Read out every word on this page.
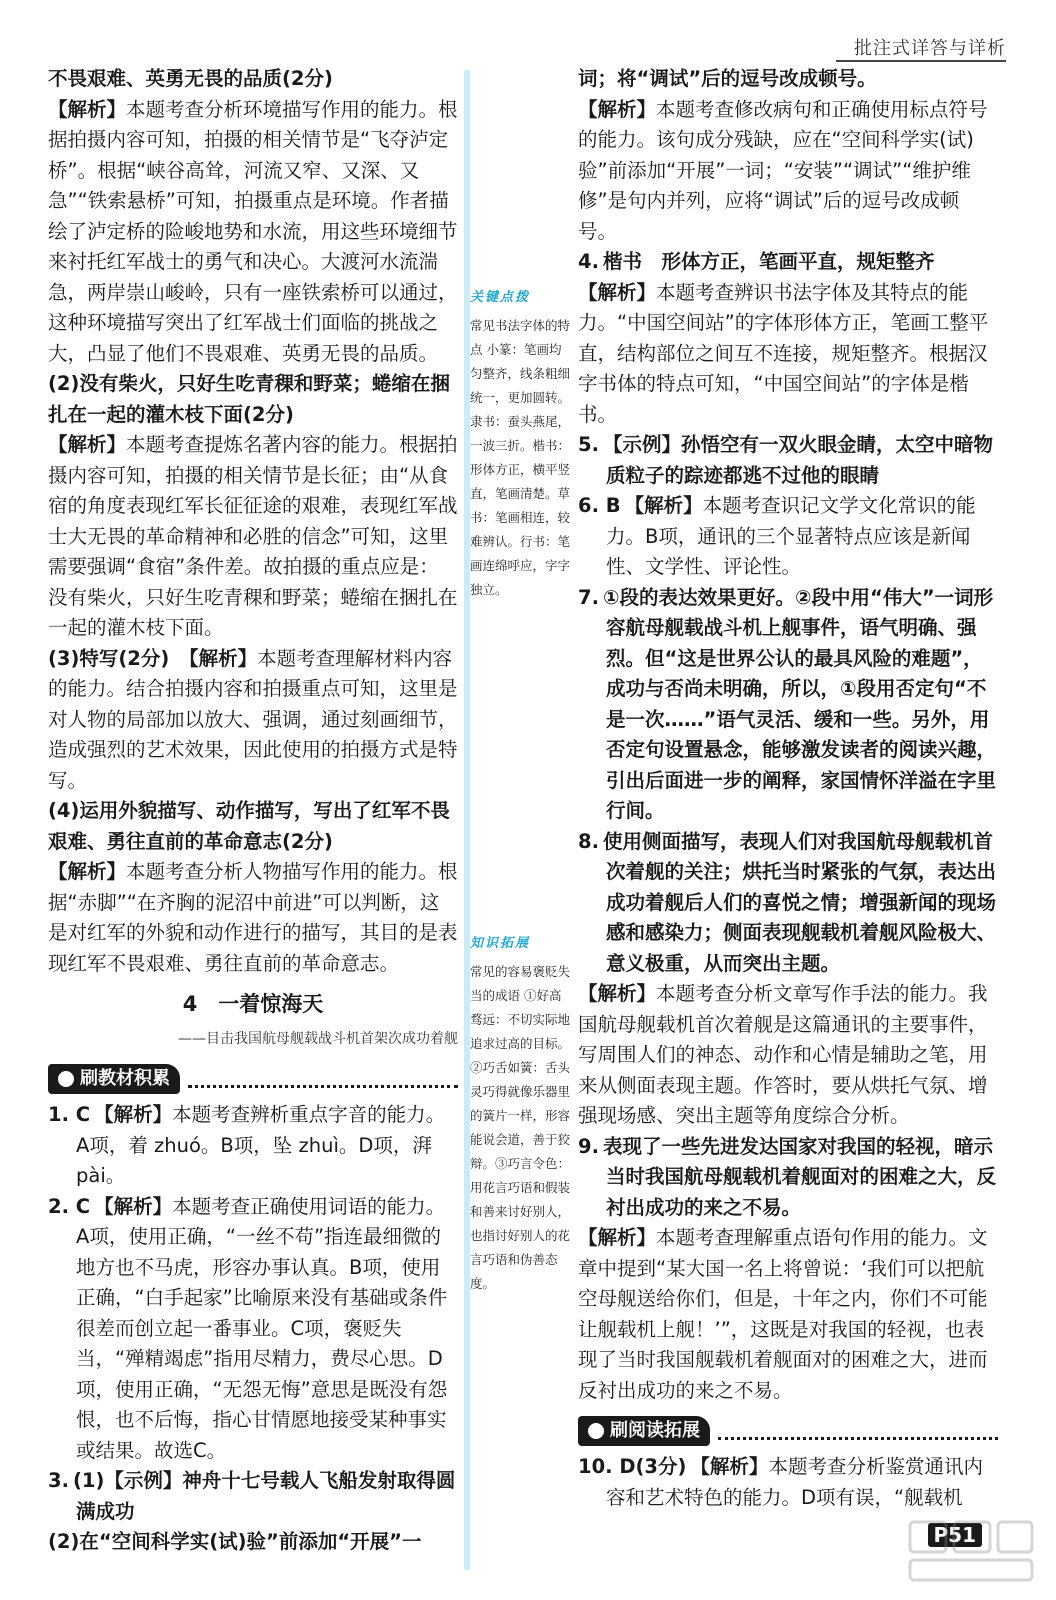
批注式详答与详析

不畏艰难、英勇无畏的品质(2分)

【解析】本题考查分析环境描写作用的能力。根据拍摄内容可知，拍摄的相关情节是“飞夺泸定桥”。根据“峡谷高耸，河流又窄、又深、又急”“铁索悬桥”可知，拍摄重点是环境。作者描绘了泸定桥的险峻地势和水流，用这些环境细节来衬托红军战士的勇气和决心。大渡河水流湍急，两岸崇山峻岭，只有一座铁索桥可以通过，这种环境描写突出了红军战士们面临的挑战之大，凸显了他们不畏艰难、英勇无畏的品质。

(2)没有柴火，只好生吃青稞和野菜；蜷缩在捆扎在一起的灌木枝下面(2分)

【解析】本题考查提炼名著内容的能力。根据拍摄内容可知，拍摄的相关情节是长征；由“从食宿的角度表现红军长征征途的艰难，表现红军战士大无畏的革命精神和必胜的信念”可知，这里需要强调“食宿”条件差。故拍摄的重点应是：没有柴火，只好生吃青稞和野菜；蜷缩在捆扎在一起的灌木枝下面。

(3)特写(2分)　 【解析】本题考查理解材料内容的能力。结合拍摄内容和拍摄重点可知，这里是对人物的局部加以放大、强调，通过刻画细节，造成强烈的艺术效果，因此使用的拍摄方式是特写。

(4)运用外貌描写、动作描写，写出了红军不畏艰难、勇往直前的革命意志(2分)

【解析】本题考查分析人物描写作用的能力。根据“赤脚”“在齐胸的泥沼中前进”可以判断，这是对红军的外貌和动作进行的描写，其目的是表现红军不畏艰难、勇往直前的革命意志。

4　一着惊海天
——目击我国航母舰载战斗机首架次成功着舰
刷教材积累

1. C 【解析】本题考查辨析重点字音的能力。A项，着 zhuó。B项，坠 zhuì。D项，湃 pài。

2. C 【解析】本题考查正确使用词语的能力。A项，使用正确，“一丝不苟”指连最细微的地方也不马虎，形容办事认真。B项，使用正确，“白手起家”比喻原来没有基础或条件很差而创立起一番事业。C项，褒贬失当，“殚精竭虑”指用尽精力，费尽心思。D项，使用正确，“无怨无悔”意思是既没有怨恨，也不后悔，指心甘情愿地接受某种事实或结果。故选C。

3. (1)【示例】神舟十七号载人飞船发射取得圆满成功

(2)在“空间科学实(试)验”前添加“开展”一

关键点拨
常见书法字体的特点 小篆：笔画均匀整齐，线条粗细统一，更加圆转。隶书：蚕头燕尾，一波三折。楷书：形体方正，横平竖直，笔画清楚。草书：笔画相连，较难辨认。行书：笔画连绵呼应，字字独立。
知识拓展
常见的容易褒贬失当的成语 ①好高骛远：不切实际地追求过高的目标。②巧舌如簧：舌头灵巧得就像乐器里的簧片一样，形容能说会道，善于狡辩。③巧言令色：用花言巧语和假装和善来讨好别人，也指讨好别人的花言巧语和伪善态度。

词；将“调试”后的逗号改成顿号。

【解析】本题考查修改病句和正确使用标点符号的能力。该句成分残缺，应在“空间科学实(试)验”前添加“开展”一词；“安装”“调试”“维护维修”是句内并列，应将“调试”后的逗号改成顿号。

4. 楷书　形体方正，笔画平直，规矩整齐

【解析】本题考查辨识书法字体及其特点的能力。“中国空间站”的字体形体方正，笔画工整平直，结构部位之间互不连接，规矩整齐。根据汉字书体的特点可知，“中国空间站”的字体是楷书。

5. 【示例】孙悟空有一双火眼金睛，太空中暗物质粒子的踪迹都逃不过他的眼睛

6. B 【解析】本题考查识记文学文化常识的能力。B项，通讯的三个显著特点应该是新闻性、文学性、评论性。

7. ①段的表达效果更好。②段中用“伟大”一词形容航母舰载战斗机上舰事件，语气明确、强烈。但“这是世界公认的最具风险的难题”，成功与否尚未明确，所以，①段用否定句“不是一次……”语气灵活、缓和一些。另外，用否定句设置悬念，能够激发读者的阅读兴趣，引出后面进一步的阐释，家国情怀洋溢在字里行间。

8. 使用侧面描写，表现人们对我国航母舰载机首次着舰的关注；烘托当时紧张的气氛，表达出成功着舰后人们的喜悦之情；增强新闻的现场感和感染力；侧面表现舰载机着舰风险极大、意义极重，从而突出主题。

【解析】本题考查分析文章写作手法的能力。我国航母舰载机首次着舰是这篇通讯的主要事件，写周围人们的神态、动作和心情是辅助之笔，用来从侧面表现主题。作答时，要从烘托气氛、增强现场感、突出主题等角度综合分析。

9. 表现了一些先进发达国家对我国的轻视，暗示当时我国航母舰载机着舰面对的困难之大，反衬出成功的来之不易。

【解析】本题考查理解重点语句作用的能力。文章中提到“某大国一名上将曾说：‘我们可以把航空母舰送给你们，但是，十年之内，你们不可能让舰载机上舰！’”，这既是对我国的轻视，也表现了当时我国舰载机着舰面对的困难之大，进而反衬出成功的来之不易。

刷阅读拓展

10. D(3分) 【解析】本题考查分析鉴赏通讯内容和艺术特色的能力。D项有误，“舰载机

P51
